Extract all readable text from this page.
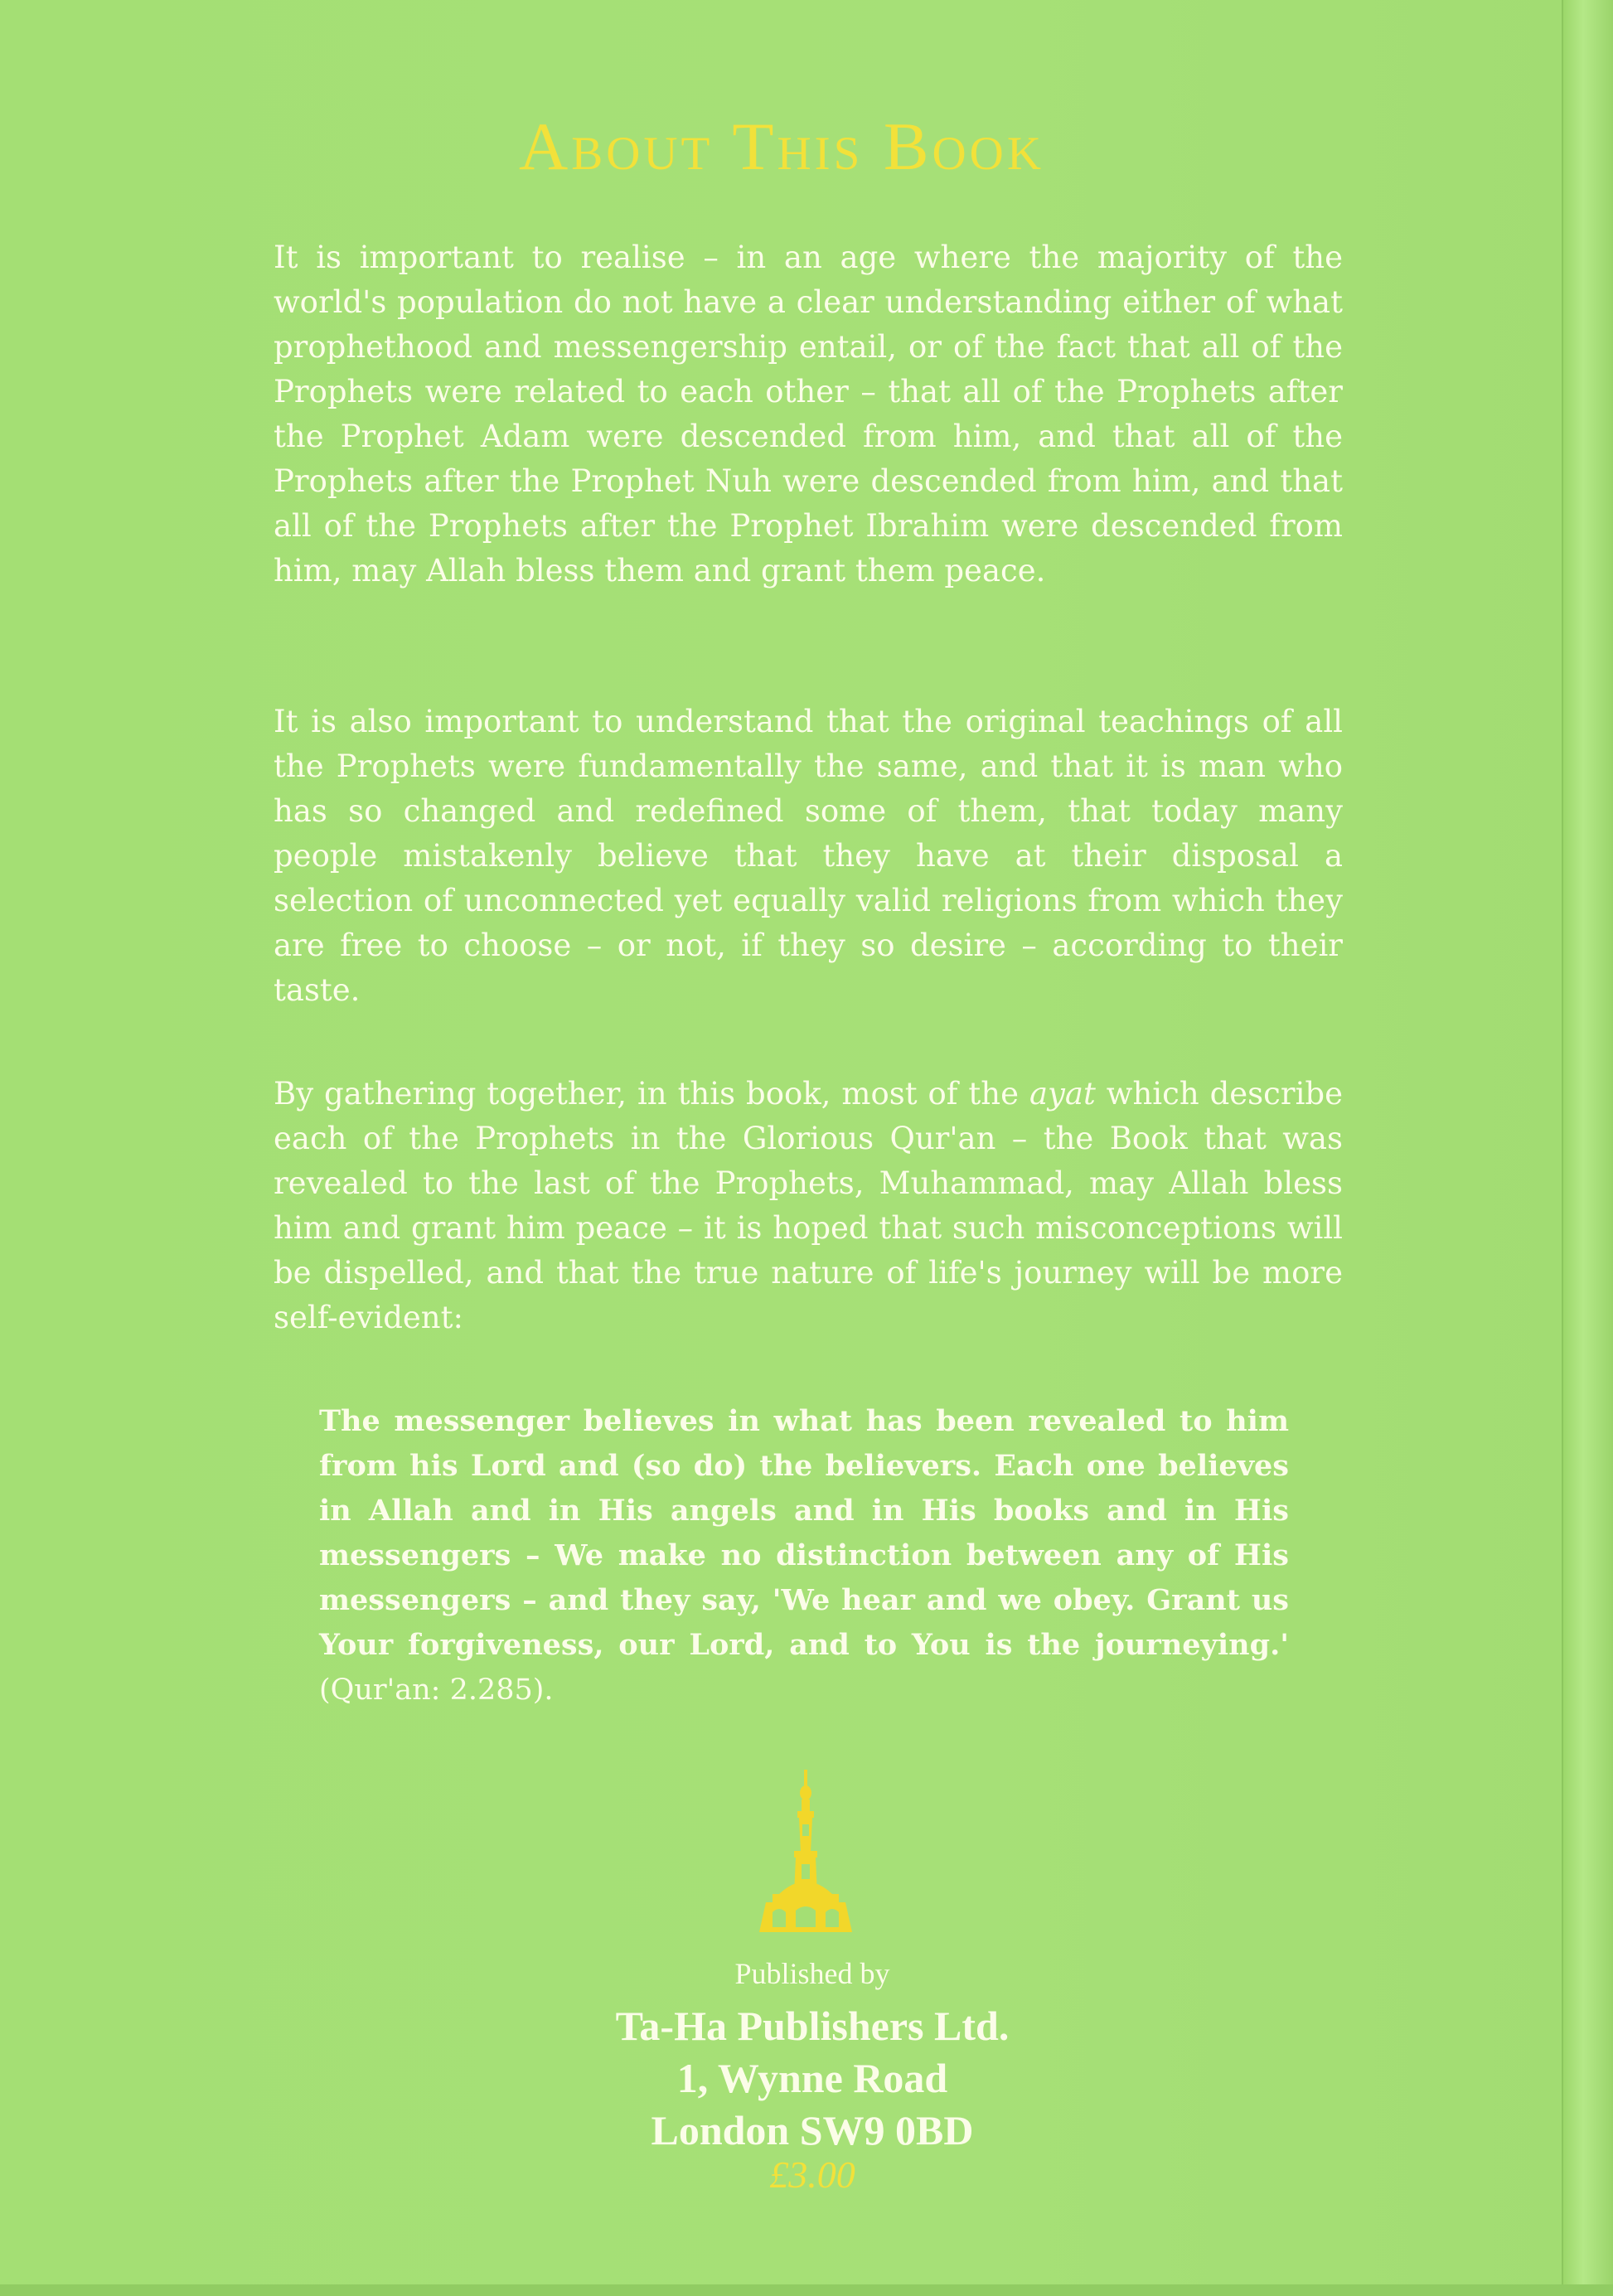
About This Book

It is important to realise – in an age where the majority of the world's population do not have a clear understanding either of what prophethood and messengership entail, or of the fact that all of the Prophets were related to each other – that all of the Prophets after the Prophet Adam were descended from him, and that all of the Prophets after the Prophet Nuh were descended from him, and that all of the Prophets after the Prophet Ibrahim were descended from him, may Allah bless them and grant them peace.

It is also important to understand that the original teachings of all the Prophets were fundamentally the same, and that it is man who has so changed and redefined some of them, that today many people mistakenly believe that they have at their disposal a selection of unconnected yet equally valid religions from which they are free to choose – or not, if they so desire – according to their taste.

By gathering together, in this book, most of the ayat which describe each of the Prophets in the Glorious Qur'an – the Book that was revealed to the last of the Prophets, Muhammad, may Allah bless him and grant him peace – it is hoped that such misconceptions will be dispelled, and that the true nature of life's journey will be more self-evident:

The messenger believes in what has been revealed to him from his Lord and (so do) the believers. Each one believes in Allah and in His angels and in His books and in His messengers – We make no distinction between any of His messengers – and they say, 'We hear and we obey. Grant us Your forgiveness, our Lord, and to You is the journeying.' (Qur'an: 2.285).

Published by
Ta-Ha Publishers Ltd.
1, Wynne Road
London SW9 0BD
£3.00
